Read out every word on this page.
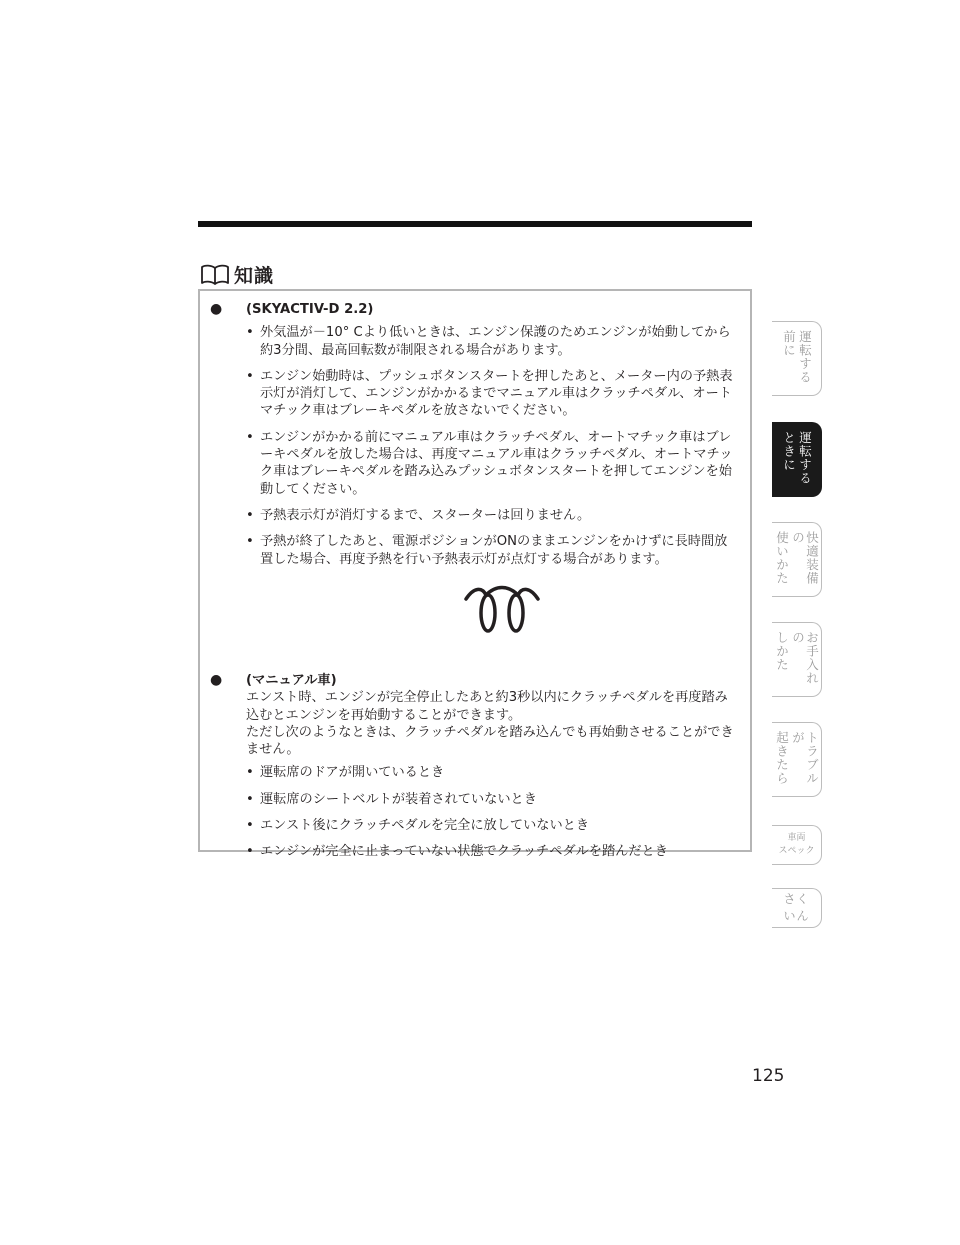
知識
●	(SKYACTIV-D 2.2)
• 外気温が－10° Cより低いときは、エンジン保護のためエンジンが始動してから約3分間、最高回転数が制限される場合があります。
• エンジン始動時は、プッシュボタンスタートを押したあと、メーター内の予熱表示灯が消灯して、エンジンがかかるまでマニュアル車はクラッチペダル、オートマチック車はブレーキペダルを放さないでください。
• エンジンがかかる前にマニュアル車はクラッチペダル、オートマチック車はブレーキペダルを放した場合は、再度マニュアル車はクラッチペダル、オートマチック車はブレーキペダルを踏み込みプッシュボタンスタートを押してエンジンを始動してください。
• 予熱表示灯が消灯するまで、スターターは回りません。
• 予熱が終了したあと、電源ポジションがONのままエンジンをかけずに長時間放置した場合、再度予熱を行い予熱表示灯が点灯する場合があります。
●	(マニュアル車)
エンスト時、エンジンが完全停止したあと約3秒以内にクラッチペダルを再度踏み込むとエンジンを再始動することができます。
ただし次のようなときは、クラッチペダルを踏み込んでも再始動させることができません。
• 運転席のドアが開いているとき
• 運転席のシートベルトが装着されていないとき
• エンスト後にクラッチペダルを完全に放していないとき
• エンジンが完全に止まっていない状態でクラッチペダルを踏んだとき
運転する
前に
運転する
ときに
快適装備の
使いかた
お手入れの
しかた
トラブルが
起きたら
車両
スペック
さく
いん
125
